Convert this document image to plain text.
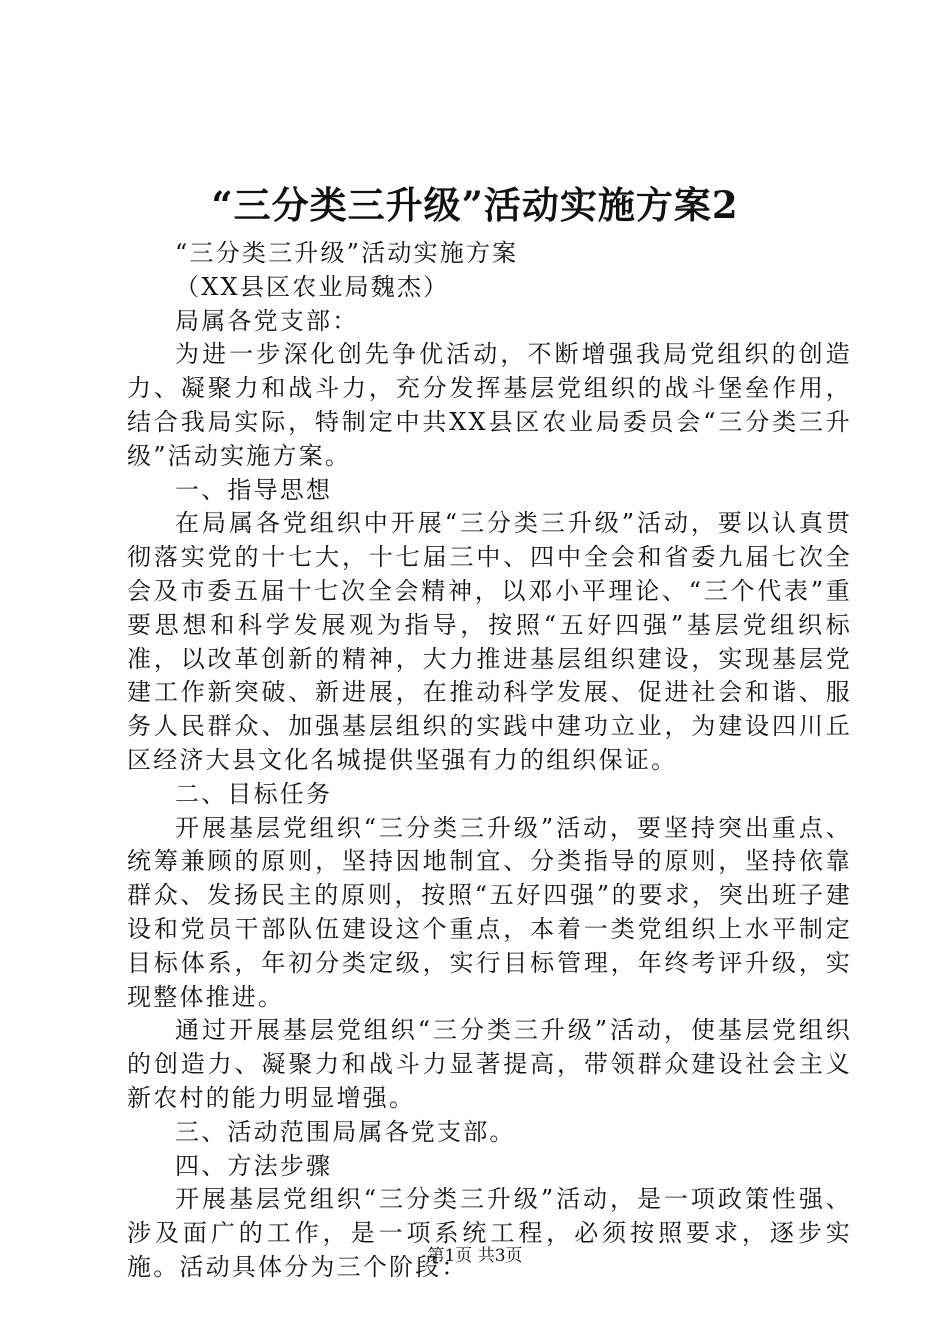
“三分类三升级”活动实施方案2

“三分类三升级”活动实施方案

（XX县区农业局魏杰）

局属各党支部：

为进一步深化创先争优活动，不断增强我局党组织的创造力、凝聚力和战斗力，充分发挥基层党组织的战斗堡垒作用，结合我局实际，特制定中共XX县区农业局委员会“三分类三升级”活动实施方案。

一、指导思想

在局属各党组织中开展“三分类三升级”活动，要以认真贯彻落实党的十七大，十七届三中、四中全会和省委九届七次全会及市委五届十七次全会精神，以邓小平理论、“三个代表”重要思想和科学发展观为指导，按照“五好四强”基层党组织标准，以改革创新的精神，大力推进基层组织建设，实现基层党建工作新突破、新进展，在推动科学发展、促进社会和谐、服务人民群众、加强基层组织的实践中建功立业，为建设四川丘区经济大县文化名城提供坚强有力的组织保证。

二、目标任务

开展基层党组织“三分类三升级”活动，要坚持突出重点、统筹兼顾的原则，坚持因地制宜、分类指导的原则，坚持依靠群众、发扬民主的原则，按照“五好四强”的要求，突出班子建设和党员干部队伍建设这个重点，本着一类党组织上水平制定目标体系，年初分类定级，实行目标管理，年终考评升级，实现整体推进。

通过开展基层党组织“三分类三升级”活动，使基层党组织的创造力、凝聚力和战斗力显著提高，带领群众建设社会主义新农村的能力明显增强。

三、活动范围局属各党支部。

四、方法步骤

开展基层党组织“三分类三升级”活动，是一项政策性强、涉及面广的工作，是一项系统工程，必须按照要求，逐步实施。活动具体分为三个阶段：

第1页 共3页
